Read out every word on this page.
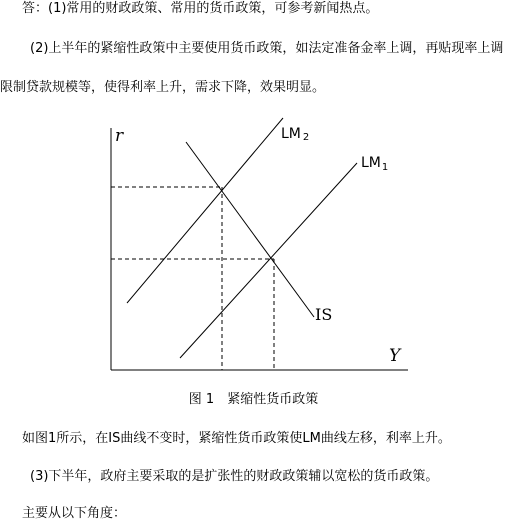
答：(1)常用的财政政策、常用的货币政策，可参考新闻热点。
(2)上半年的紧缩性政策中主要使用货币政策，如法定准备金率上调，再贴现率上调
限制贷款规模等，使得利率上升，需求下降，效果明显。
r
Y
LM 2
$LM_1$
IS
图 1　紧缩性货币政策
如图1所示，在IS曲线不变时，紧缩性货币政策使LM曲线左移，利率上升。
(3)下半年，政府主要采取的是扩张性的财政政策辅以宽松的货币政策。
主要从以下角度：
